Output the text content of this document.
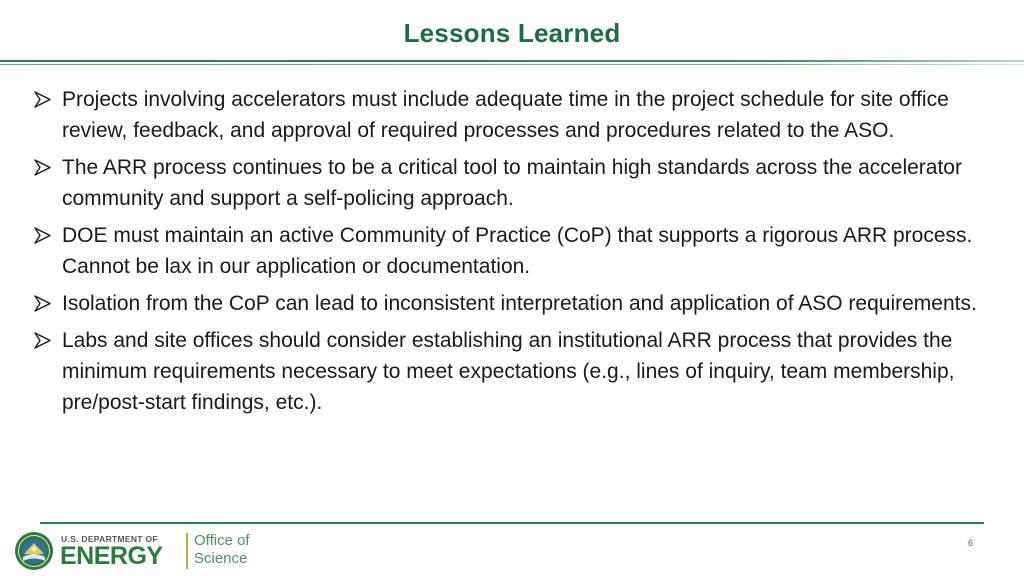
Lessons Learned
Projects involving accelerators must include adequate time in the project schedule for site office review, feedback, and approval of required processes and procedures related to the ASO.
The ARR process continues to be a critical tool to maintain high standards across the accelerator community and support a self-policing approach.
DOE must maintain an active Community of Practice (CoP) that supports a rigorous ARR process. Cannot be lax in our application or documentation.
Isolation from the CoP can lead to inconsistent interpretation and application of ASO requirements.
Labs and site offices should consider establishing an institutional ARR process that provides the minimum requirements necessary to meet expectations (e.g., lines of inquiry, team membership, pre/post-start findings, etc.).
U.S. DEPARTMENT OF
ENERGY
Office of
Science
6
